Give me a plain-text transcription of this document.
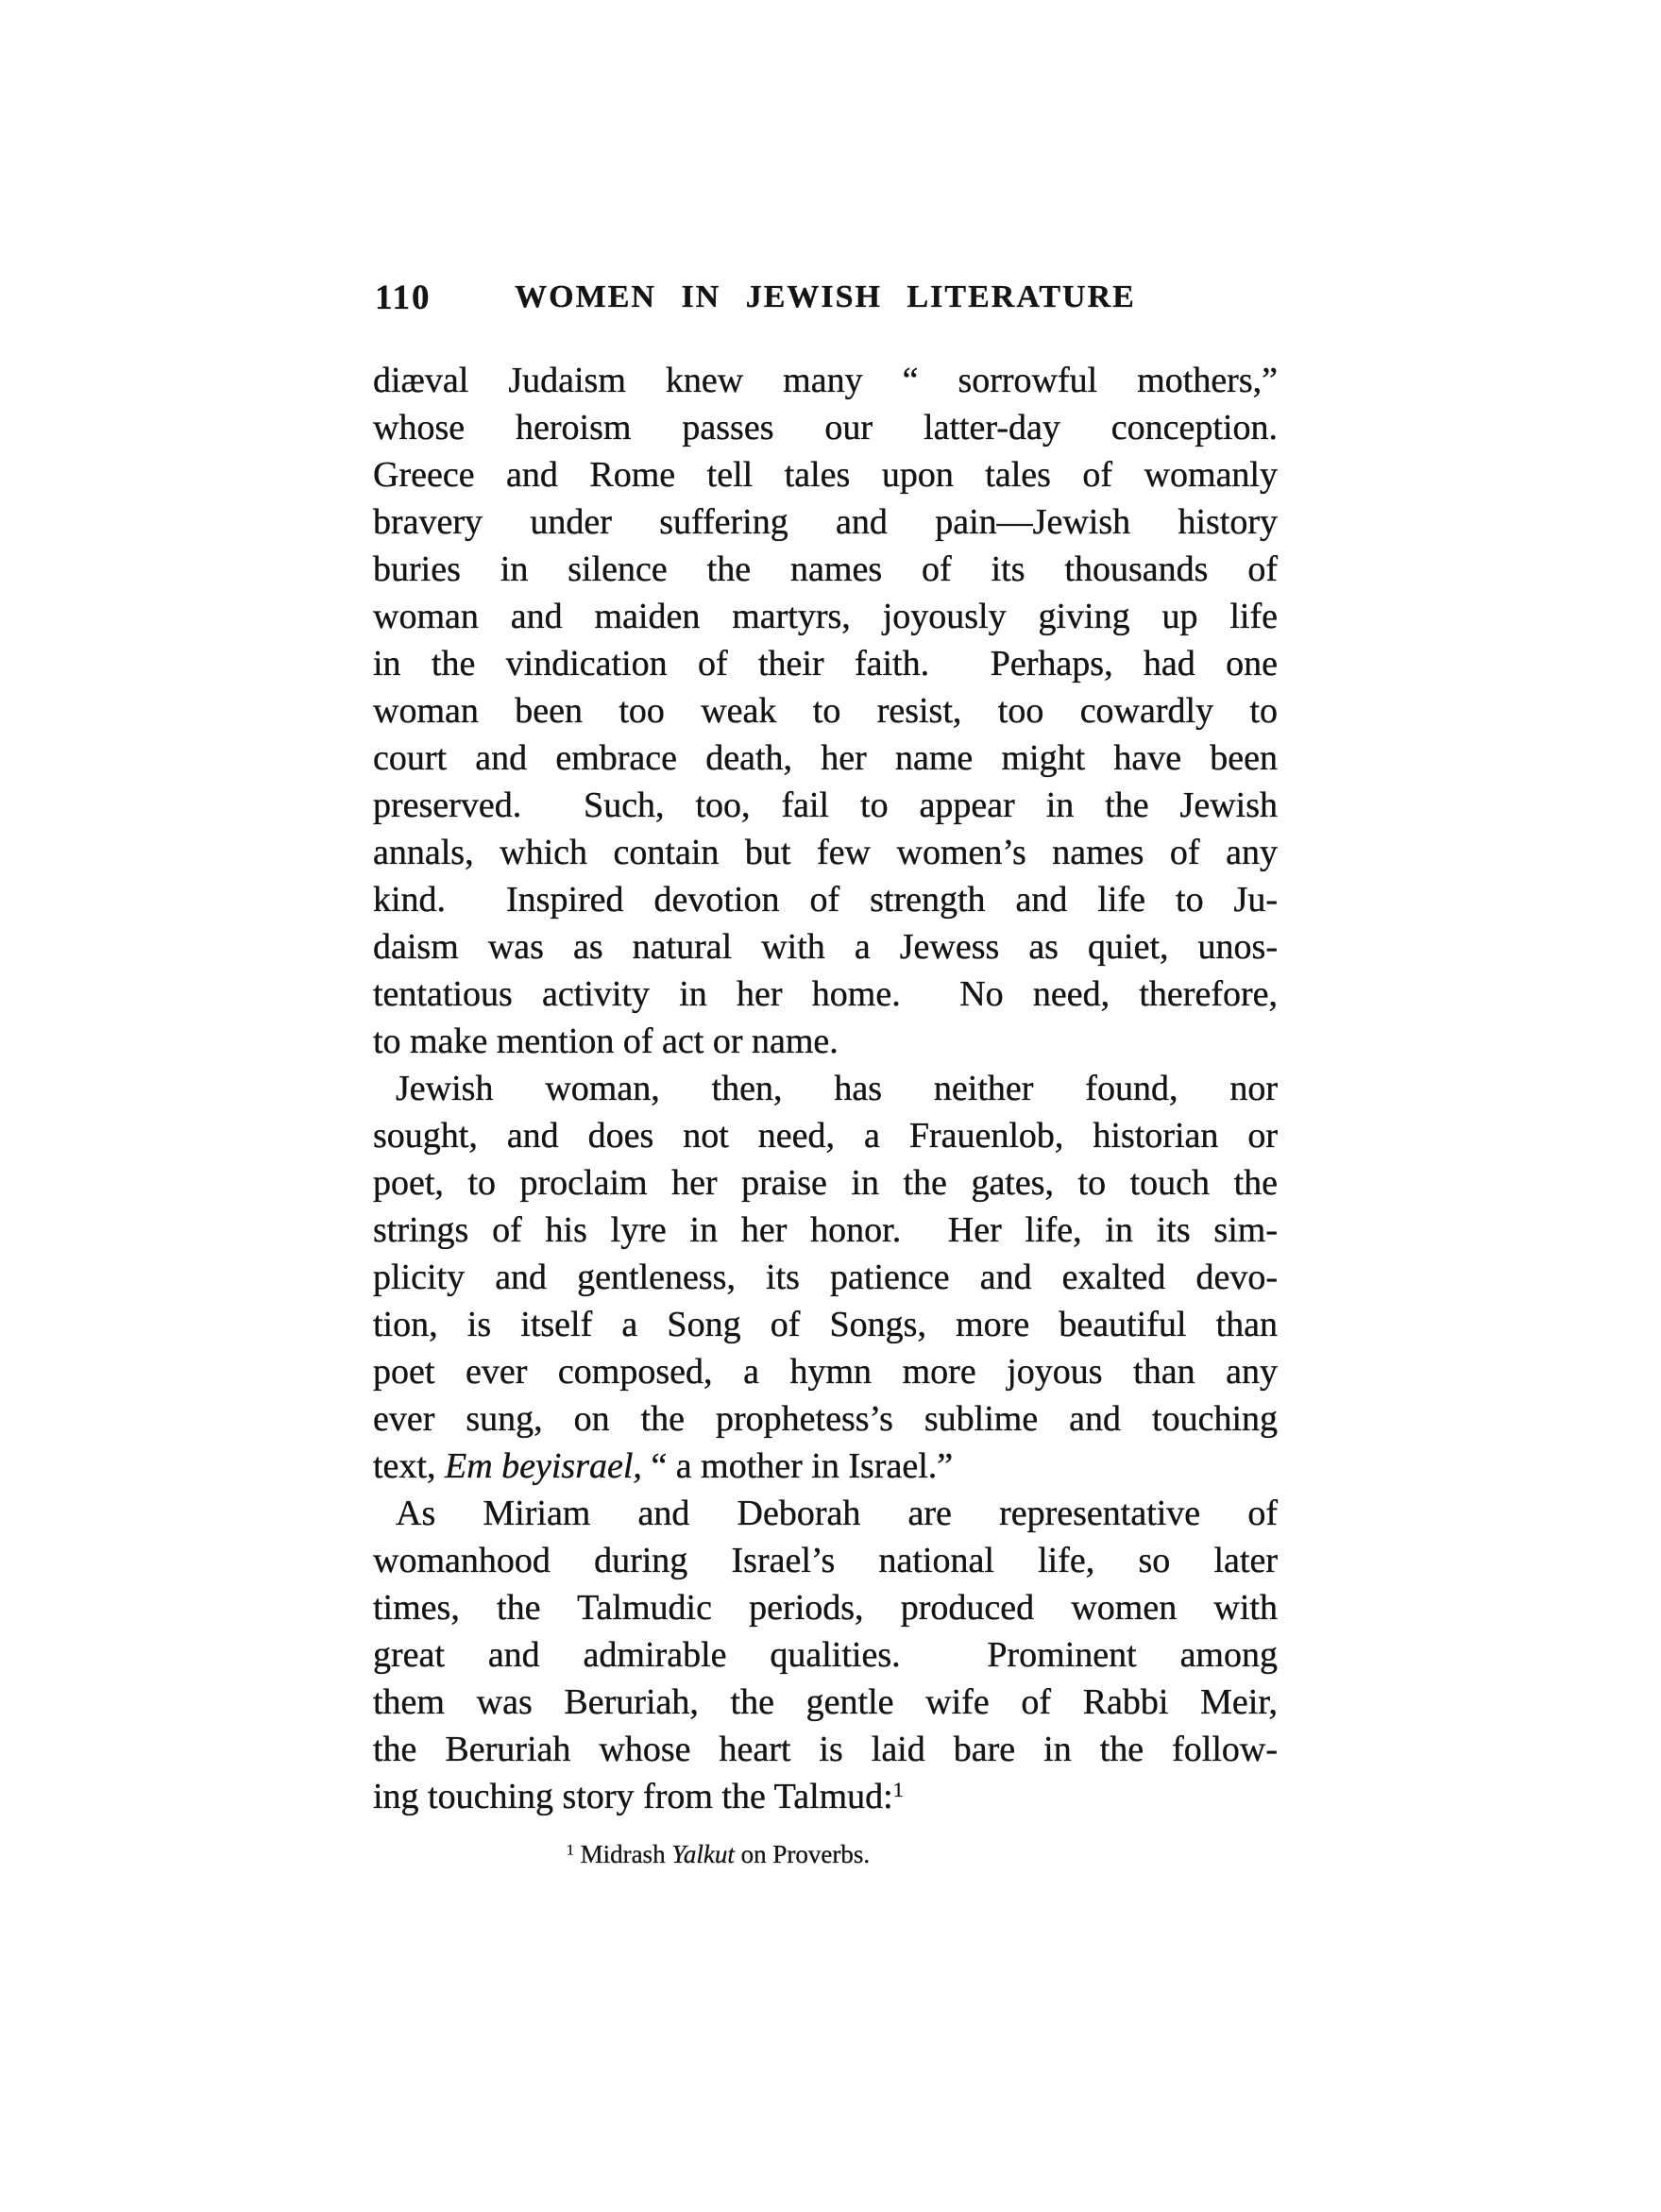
110	WOMEN IN JEWISH LITERATURE
diæval Judaism knew many “ sorrowful mothers,”
whose heroism passes our latter-day conception.
Greece and Rome tell tales upon tales of womanly
bravery under suffering and pain—Jewish history
buries in silence the names of its thousands of
woman and maiden martyrs, joyously giving up life
in the vindication of their faith.  Perhaps, had one
woman been too weak to resist, too cowardly to
court and embrace death, her name might have been
preserved.  Such, too, fail to appear in the Jewish
annals, which contain but few women’s names of any
kind.  Inspired devotion of strength and life to Ju-
daism was as natural with a Jewess as quiet, unos-
tentatious activity in her home.  No need, therefore,
to make mention of act or name.
Jewish woman, then, has neither found, nor
sought, and does not need, a Frauenlob, historian or
poet, to proclaim her praise in the gates, to touch the
strings of his lyre in her honor.  Her life, in its sim-
plicity and gentleness, its patience and exalted devo-
tion, is itself a Song of Songs, more beautiful than
poet ever composed, a hymn more joyous than any
ever sung, on the prophetess’s sublime and touching
text, Em beyisrael, “ a mother in Israel.”
As Miriam and Deborah are representative of
womanhood during Israel’s national life, so later
times, the Talmudic periods, produced women with
great and admirable qualities.  Prominent among
them was Beruriah, the gentle wife of Rabbi Meir,
the Beruriah whose heart is laid bare in the follow-
ing touching story from the Talmud:$^1$
$^1$ Midrash Yalkut on Proverbs.
